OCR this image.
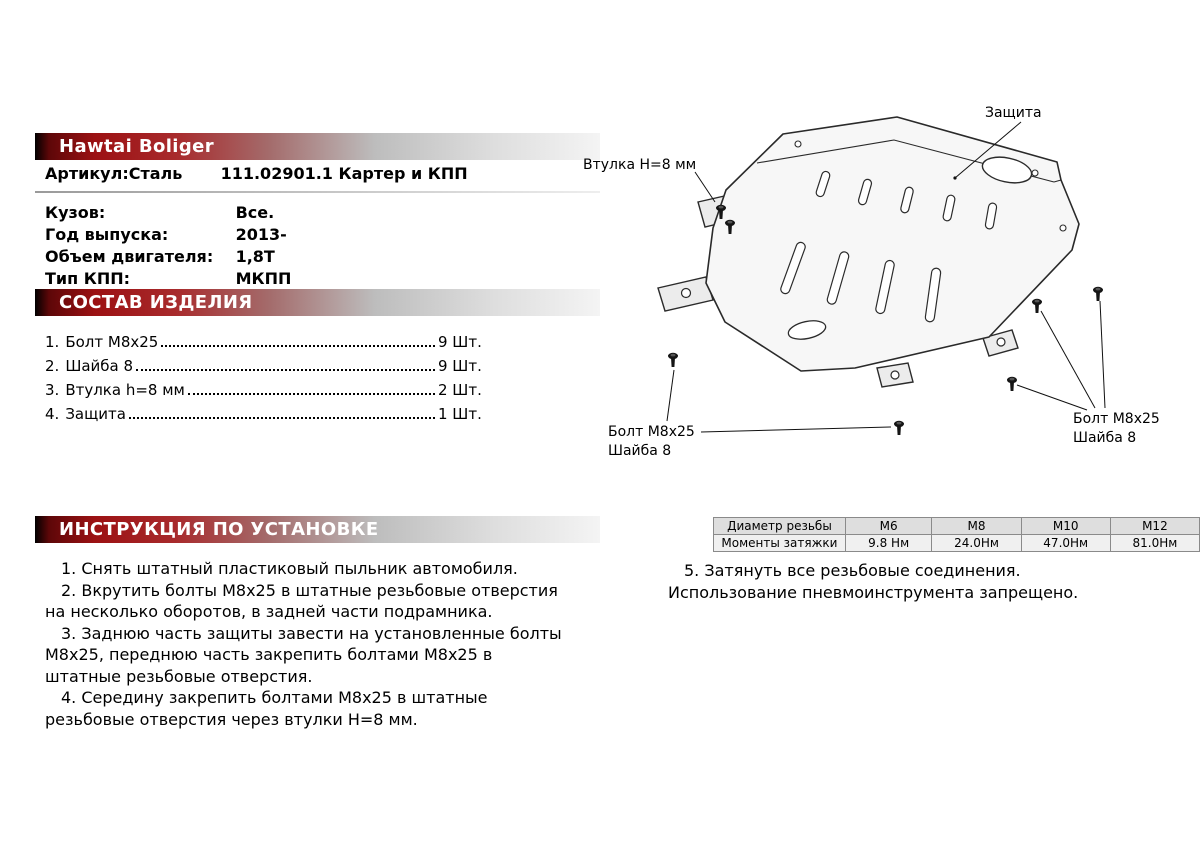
Hawtai Boliger
Артикул:Сталь 111.02901.1 Картер и КПП
Кузов:	Все.
Год выпуска:	2013-
Объем двигателя: 1,8Т
Тип КПП:	МКПП
СОСТАВ ИЗДЕЛИЯ
1. Болт М8х25	9 Шт.
2. Шайба 8	9 Шт.
3. Втулка h=8 мм	2 Шт.
4. Защита	1 Шт.
Защита
Втулка Н=8 мм
Болт М8х25
Шайба 8
Болт М8х25
Шайба 8
Диаметр резьбы	М6	М8	М10	М12
Моменты затяжки	9.8 Нм	24.0Нм	47.0Нм	81.0Нм
ИНСТРУКЦИЯ ПО УСТАНОВКЕ

1. Снять штатный пластиковый пыльник автомобиля.

2. Вкрутить болты М8х25 в штатные резьбовые отверстия на несколько оборотов, в задней части подрамника.

3. Заднюю часть защиты завести на установленные болты М8х25, переднюю часть закрепить болтами М8х25 в штатные резьбовые отверстия.

4. Середину закрепить болтами М8х25 в штатные резьбовые отверстия через втулки Н=8 мм.

5. Затянуть все резьбовые соединения.

Использование пневмоинструмента запрещено.
